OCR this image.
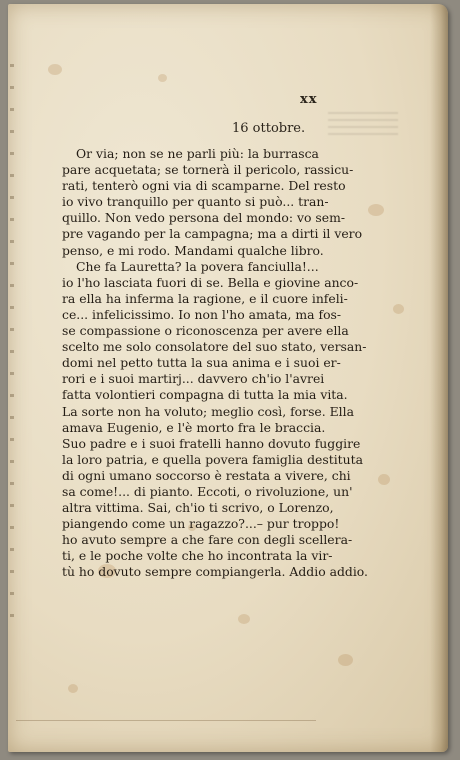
xx
16 ottobre.
Or via; non se ne parli più: la burrasca
pare acquetata; se tornerà il pericolo, rassicu-
rati, tenterò ogni via di scamparne. Del resto
io vivo tranquillo per quanto si può... tran-
quillo. Non vedo persona del mondo: vo sem-
pre vagando per la campagna; ma a dirti il vero
penso, e mi rodo. Mandami qualche libro.
Che fa Lauretta? la povera fanciulla!...
io l'ho lasciata fuori di se. Bella e giovine anco-
ra ella ha inferma la ragione, e il cuore infeli-
ce... infelicissimo. Io non l'ho amata, ma fos-
se compassione o riconoscenza per avere ella
scelto me solo consolatore del suo stato, versan-
domi nel petto tutta la sua anima e i suoi er-
rori e i suoi martirj... davvero ch'io l'avrei
fatta volontieri compagna di tutta la mia vita.
La sorte non ha voluto; meglio così, forse. Ella
amava Eugenio, e l'è morto fra le braccia.
Suo padre e i suoi fratelli hanno dovuto fuggire
la loro patria, e quella povera famiglia destituta
di ogni umano soccorso è restata a vivere, chi
sa come!... di pianto. Eccoti, o rivoluzione, un'
altra vittima. Sai, ch'io ti scrivo, o Lorenzo,
piangendo come un ragazzo?...– pur troppo!
ho avuto sempre a che fare con degli scellera-
ti, e le poche volte che ho incontrata la vir-
tù ho dovuto sempre compiangerla. Addio addio.
